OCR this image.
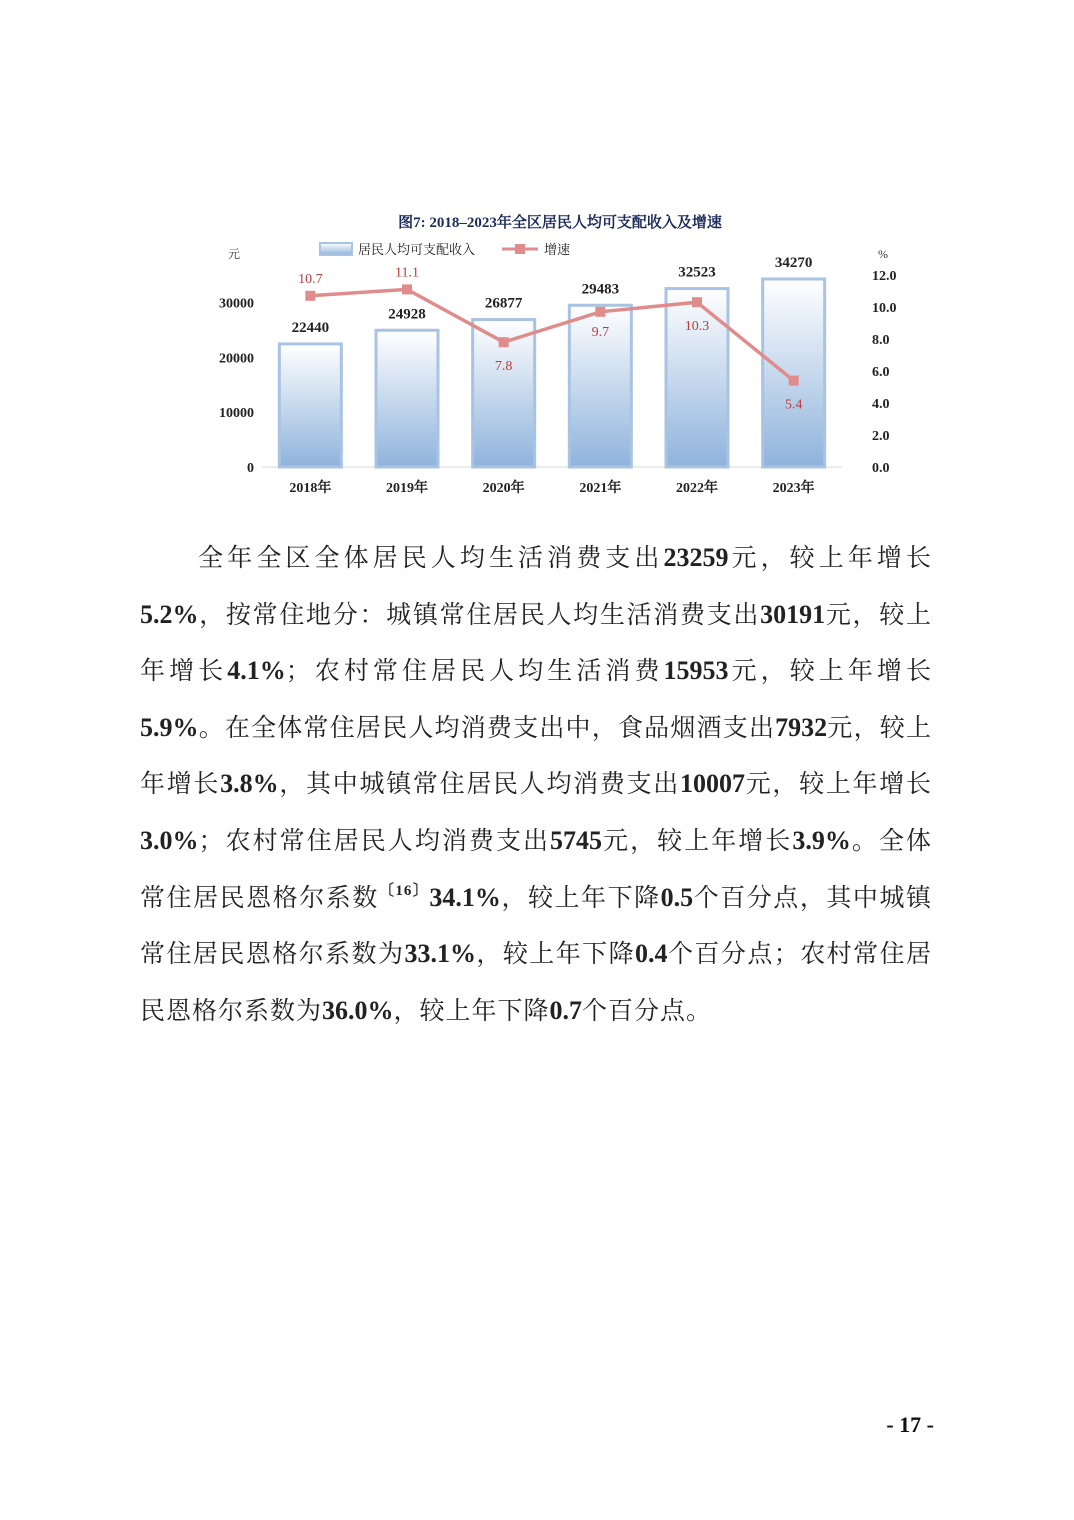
图7: 2018–2023年全区居民人均可支配收入及增速
居民人均可支配收入	增速
元	%
0
10000
20000
30000
0.0
2.0
4.0
6.0
8.0
10.0
12.0
2018年	2019年	2020年	2021年	2022年	2023年
22440
24928
26877
29483
32523
34270
10.7	11.1
7.8
9.7	10.3
5.4

　　全年全区全体居民人均生活消费支出23259元，较上年增长5.2%，按常住地分：城镇常住居民人均生活消费支出30191元，较上年增长4.1%；农村常住居民人均生活消费15953元，较上年增长5.9%。在全体常住居民人均消费支出中，食品烟酒支出7932元，较上年增长3.8%，其中城镇常住居民人均消费支出10007元，较上年增长3.0%；农村常住居民人均消费支出5745元，较上年增长3.9%。全体常住居民恩格尔系数$^{〔16〕}$34.1%，较上年下降0.5个百分点，其中城镇常住居民恩格尔系数为33.1%，较上年下降0.4个百分点；农村常住居民恩格尔系数为36.0%，较上年下降0.7个百分点。

- 17 -
